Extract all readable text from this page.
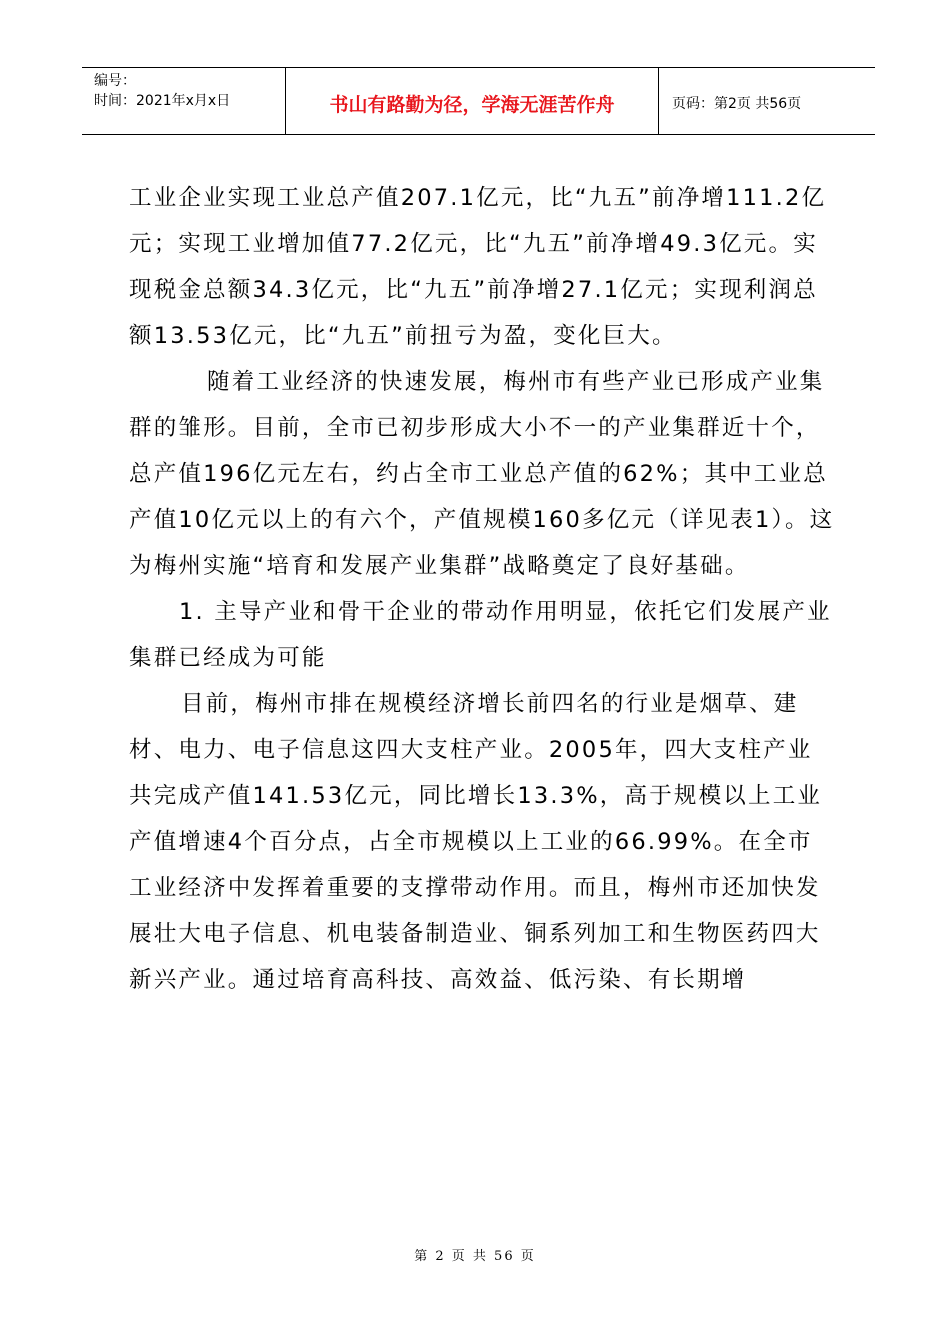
编号：
时间：2021年x月x日	书山有路勤为径，学海无涯苦作舟	页码：第2页 共56页

工业企业实现工业总产值207.1亿元，比“九五”前净增111.2亿元；实现工业增加值77.2亿元，比“九五”前净增49.3亿元。实现税金总额34.3亿元，比“九五”前净增27.1亿元；实现利润总额13.53亿元，比“九五”前扭亏为盈，变化巨大。

随着工业经济的快速发展，梅州市有些产业已形成产业集群的雏形。目前，全市已初步形成大小不一的产业集群近十个，总产值196亿元左右，约占全市工业总产值的62%；其中工业总产值10亿元以上的有六个，产值规模160多亿元（详见表1）。这为梅州实施“培育和发展产业集群”战略奠定了良好基础。

1. 主导产业和骨干企业的带动作用明显，依托它们发展产业集群已经成为可能

目前，梅州市排在规模经济增长前四名的行业是烟草、建材、电力、电子信息这四大支柱产业。2005年，四大支柱产业共完成产值141.53亿元，同比增长13.3%，高于规模以上工业产值增速4个百分点，占全市规模以上工业的66.99%。在全市工业经济中发挥着重要的支撑带动作用。而且，梅州市还加快发展壮大电子信息、机电装备制造业、铜系列加工和生物医药四大新兴产业。通过培育高科技、高效益、低污染、有长期增

第 2 页 共 56 页
